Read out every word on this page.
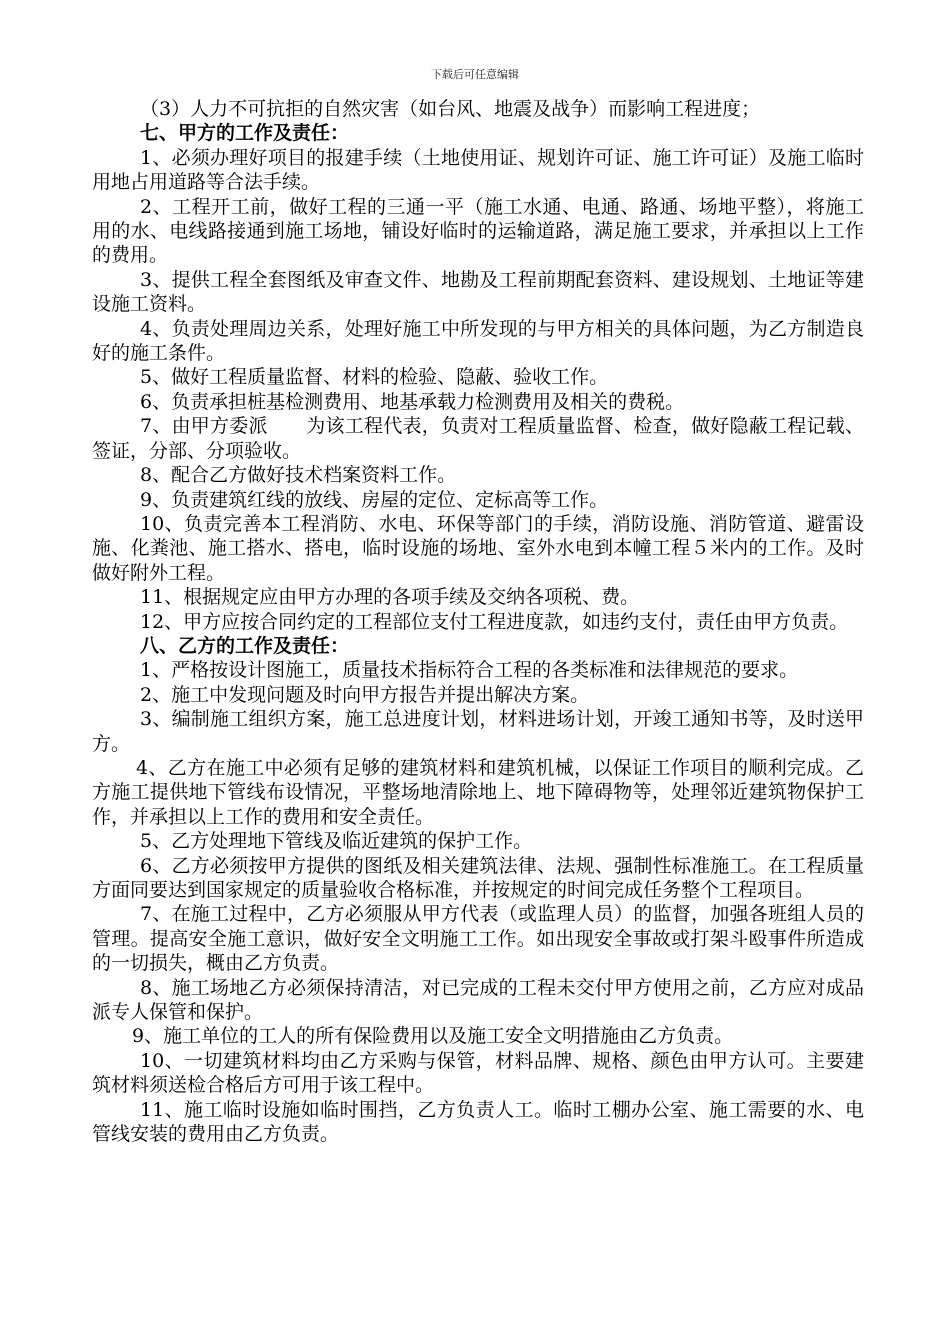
下载后可任意编辑

（3）人力不可抗拒的自然灾害（如台风、地震及战争）而影响工程进度；

七、甲方的工作及责任：

1、必须办理好项目的报建手续（土地使用证、规划许可证、施工许可证）及施工临时用地占用道路等合法手续。

2、工程开工前，做好工程的三通一平（施工水通、电通、路通、场地平整），将施工用的水、电线路接通到施工场地，铺设好临时的运输道路，满足施工要求，并承担以上工作的费用。

3、提供工程全套图纸及审查文件、地勘及工程前期配套资料、建设规划、土地证等建设施工资料。

4、负责处理周边关系，处理好施工中所发现的与甲方相关的具体问题，为乙方制造良好的施工条件。

5、做好工程质量监督、材料的检验、隐蔽、验收工作。

6、负责承担桩基检测费用、地基承载力检测费用及相关的费税。

7、由甲方委派　　为该工程代表，负责对工程质量监督、检查，做好隐蔽工程记载、签证，分部、分项验收。

8、配合乙方做好技术档案资料工作。

9、负责建筑红线的放线、房屋的定位、定标高等工作。

10、负责完善本工程消防、水电、环保等部门的手续，消防设施、消防管道、避雷设施、化粪池、施工搭水、搭电，临时设施的场地、室外水电到本幢工程５米内的工作。及时做好附外工程。

11、根据规定应由甲方办理的各项手续及交纳各项税、费。

12、甲方应按合同约定的工程部位支付工程进度款，如违约支付，责任由甲方负责。

八、乙方的工作及责任：

1、严格按设计图施工，质量技术指标符合工程的各类标准和法律规范的要求。

2、施工中发现问题及时向甲方报告并提出解决方案。

3、编制施工组织方案，施工总进度计划，材料进场计划，开竣工通知书等，及时送甲方。

4、乙方在施工中必须有足够的建筑材料和建筑机械，以保证工作项目的顺利完成。乙方施工提供地下管线布设情况，平整场地清除地上、地下障碍物等，处理邻近建筑物保护工作，并承担以上工作的费用和安全责任。

5、乙方处理地下管线及临近建筑的保护工作。

6、乙方必须按甲方提供的图纸及相关建筑法律、法规、强制性标准施工。在工程质量方面同要达到国家规定的质量验收合格标准，并按规定的时间完成任务整个工程项目。

7、在施工过程中，乙方必须服从甲方代表（或监理人员）的监督，加强各班组人员的管理。提高安全施工意识，做好安全文明施工工作。如出现安全事故或打架斗殴事件所造成的一切损失，概由乙方负责。

8、施工场地乙方必须保持清洁，对已完成的工程未交付甲方使用之前，乙方应对成品派专人保管和保护。

9、施工单位的工人的所有保险费用以及施工安全文明措施由乙方负责。

10、一切建筑材料均由乙方采购与保管，材料品牌、规格、颜色由甲方认可。主要建筑材料须送检合格后方可用于该工程中。

11、施工临时设施如临时围挡，乙方负责人工。临时工棚办公室、施工需要的水、电管线安装的费用由乙方负责。
